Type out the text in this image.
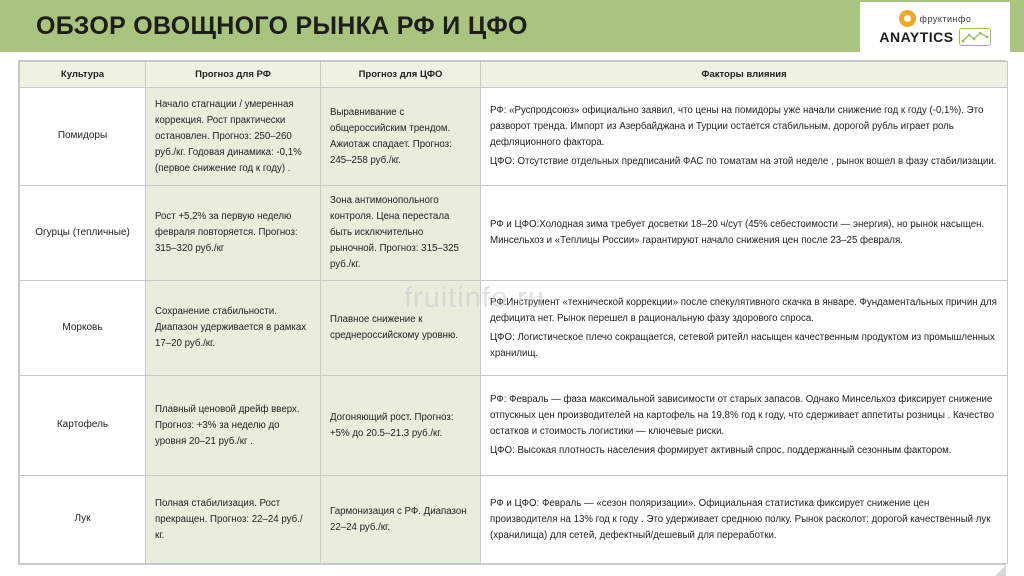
ОБЗОР ОВОЩНОГО РЫНКА РФ И ЦФО	фруктинфо
ANAYTICS
Культура	Прогноз для РФ	Прогноз для ЦФО	Факторы влияния
Помидоры	Начало стагнации / умеренная коррекция. Рост практически остановлен. Прогноз: 250–260 руб./кг. Годовая динамика: -0,1% (первое снижение год к году) .	Выравнивание с общероссийским трендом. Ажиотаж спадает. Прогноз: 245–258 руб./кг.	РФ: «Руспродсоюз» официально заявил, что цены на помидоры уже начали снижение год к году (-0,1%). Это разворот тренда. Импорт из Азербайджана и Турции остается стабильным, дорогой рубль играет роль дефляционного фактора.

ЦФО: Отсутствие отдельных предписаний ФАС по томатам на этой неделе , рынок вошел в фазу стабилизации.

Огурцы (тепличные)	Рост +5,2% за первую неделю февраля повторяется. Прогноз: 315–320 руб./кг	Зона антимонопольного контроля. Цена перестала быть исключительно рыночной. Прогноз: 315–325 руб./кг.	РФ и ЦФО:Холодная зима требует досветки 18–20 ч/сут (45% себестоимости — энергия), но рынок насыщен. Минсельхоз и «Теплицы России» гарантируют начало снижения цен после 23–25 февраля.

Морковь	Сохранение стабильности. Диапазон удерживается в рамках 17–20 руб./кг.	Плавное снижение к среднероссийскому уровню.	РФ:Инструмент «технической коррекции» после спекулятивного скачка в январе. Фундаментальных причин для дефицита нет. Рынок перешел в рациональную фазу здорового спроса.

ЦФО: Логистическое плечо сокращается, сетевой ритейл насыщен качественным продуктом из промышленных хранилищ.

Картофель	Плавный ценовой дрейф вверх. Прогноз: +3% за неделю до уровня 20–21 руб./кг .	Догоняющий рост. Прогноз: +5% до 20.5–21.3 руб./кг.	РФ: Февраль — фаза максимальной зависимости от старых запасов. Однако Минсельхоз фиксирует снижение отпускных цен производителей на картофель на 19,8% год к году, что сдерживает аппетиты розницы . Качество остатков и стоимость логистики — ключевые риски.

ЦФО: Высокая плотность населения формирует активный спрос, поддержанный сезонным фактором.

Лук	Полная стабилизация. Рост прекращен. Прогноз: 22–24 руб./кг.	Гармонизация с РФ. Диапазон 22–24 руб./кг.	РФ и ЦФО: Февраль — «сезон поляризации». Официальная статистика фиксирует снижение цен производителя на 13% год к году . Это удерживает среднюю полку. Рынок расколот: дорогой качественный лук (хранилища) для сетей, дефектный/дешевый для переработки.

fruitinfo.ru
